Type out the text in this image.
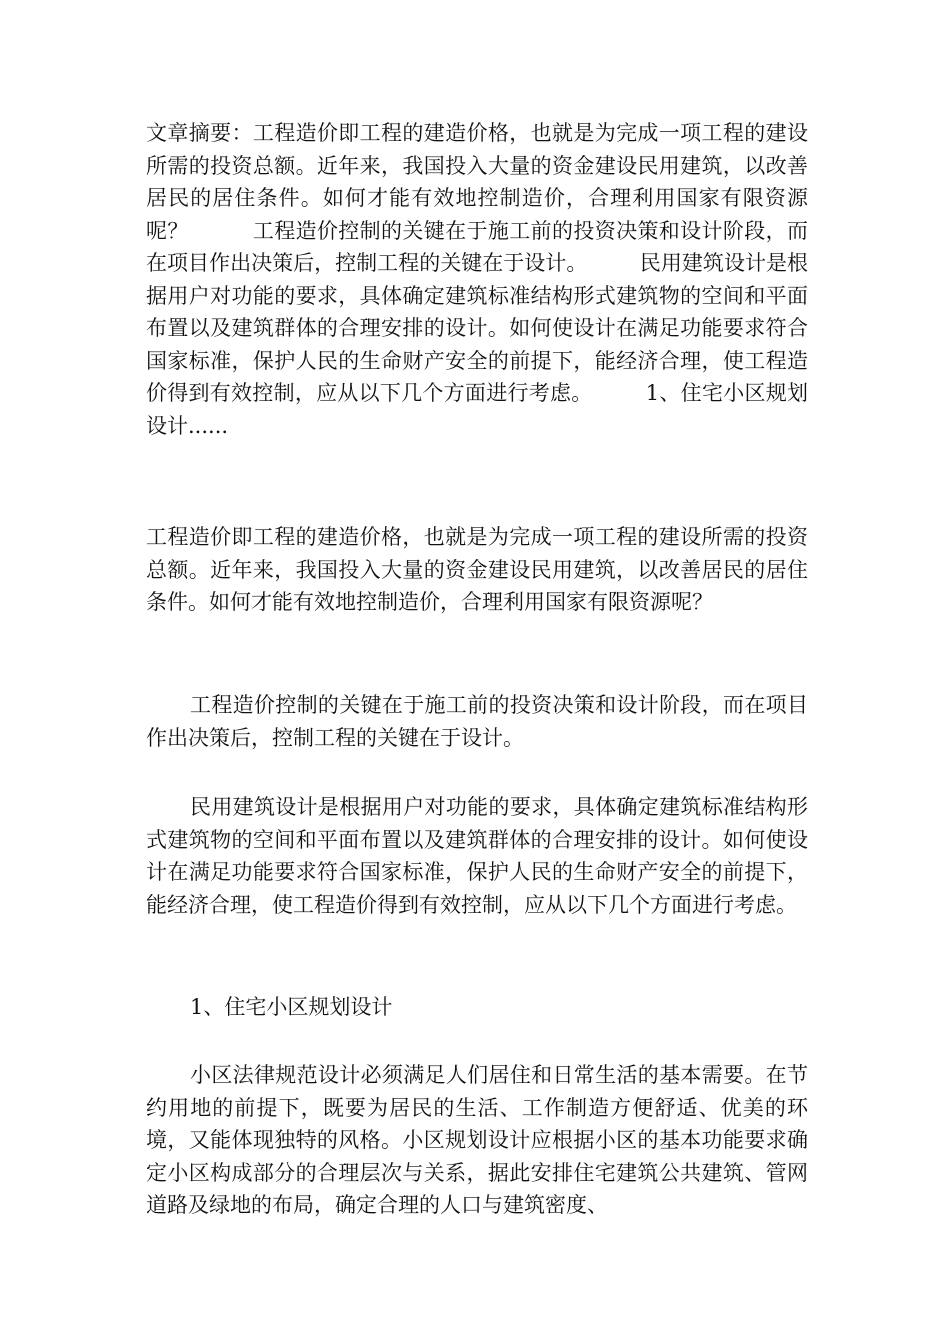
文章摘要：工程造价即工程的建造价格，也就是为完成一项工程的建设所需的投资总额。近年来，我国投入大量的资金建设民用建筑，以改善居民的居住条件。如何才能有效地控制造价，合理利用国家有限资源呢？　　　工程造价控制的关键在于施工前的投资决策和设计阶段，而在项目作出决策后，控制工程的关键在于设计。　　　民用建筑设计是根据用户对功能的要求，具体确定建筑标准结构形式建筑物的空间和平面布置以及建筑群体的合理安排的设计。如何使设计在满足功能要求符合国家标准，保护人民的生命财产安全的前提下，能经济合理，使工程造价得到有效控制，应从以下几个方面进行考虑。　　　1、住宅小区规划设计......

工程造价即工程的建造价格，也就是为完成一项工程的建设所需的投资总额。近年来，我国投入大量的资金建设民用建筑，以改善居民的居住条件。如何才能有效地控制造价，合理利用国家有限资源呢？

工程造价控制的关键在于施工前的投资决策和设计阶段，而在项目作出决策后，控制工程的关键在于设计。

民用建筑设计是根据用户对功能的要求，具体确定建筑标准结构形式建筑物的空间和平面布置以及建筑群体的合理安排的设计。如何使设计在满足功能要求符合国家标准，保护人民的生命财产安全的前提下，能经济合理，使工程造价得到有效控制，应从以下几个方面进行考虑。

1、住宅小区规划设计

小区法律规范设计必须满足人们居住和日常生活的基本需要。在节约用地的前提下，既要为居民的生活、工作制造方便舒适、优美的环境，又能体现独特的风格。小区规划设计应根据小区的基本功能要求确定小区构成部分的合理层次与关系，据此安排住宅建筑公共建筑、管网道路及绿地的布局，确定合理的人口与建筑密度、
